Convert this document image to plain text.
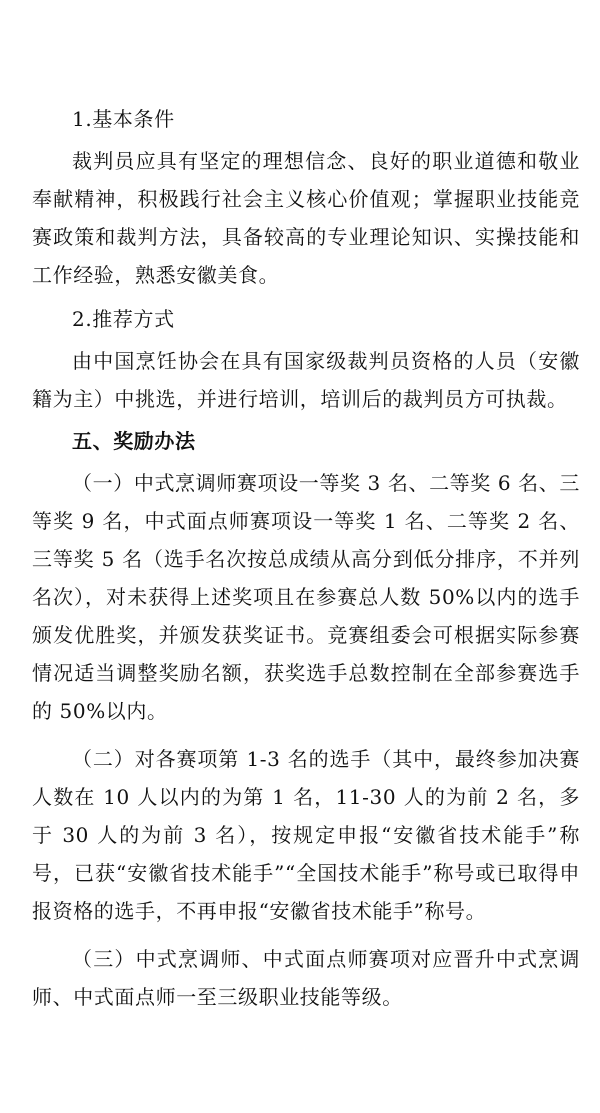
1.基本条件
裁判员应具有坚定的理想信念、良好的职业道德和敬业奉献精神，积极践行社会主义核心价值观；掌握职业技能竞赛政策和裁判方法，具备较高的专业理论知识、实操技能和工作经验，熟悉安徽美食。
2.推荐方式
由中国烹饪协会在具有国家级裁判员资格的人员（安徽籍为主）中挑选，并进行培训，培训后的裁判员方可执裁。
五、奖励办法
（一）中式烹调师赛项设一等奖 3 名、二等奖 6 名、三等奖 9 名，中式面点师赛项设一等奖 1 名、二等奖 2 名、三等奖 5 名（选手名次按总成绩从高分到低分排序，不并列名次），对未获得上述奖项且在参赛总人数 50%以内的选手颁发优胜奖，并颁发获奖证书。竞赛组委会可根据实际参赛情况适当调整奖励名额，获奖选手总数控制在全部参赛选手的 50%以内。
（二）对各赛项第 1-3 名的选手（其中，最终参加决赛人数在 10 人以内的为第 1 名，11-30 人的为前 2 名，多于 30 人的为前 3 名），按规定申报“安徽省技术能手”称号，已获“安徽省技术能手”“全国技术能手”称号或已取得申报资格的选手，不再申报“安徽省技术能手”称号。
（三）中式烹调师、中式面点师赛项对应晋升中式烹调师、中式面点师一至三级职业技能等级。
